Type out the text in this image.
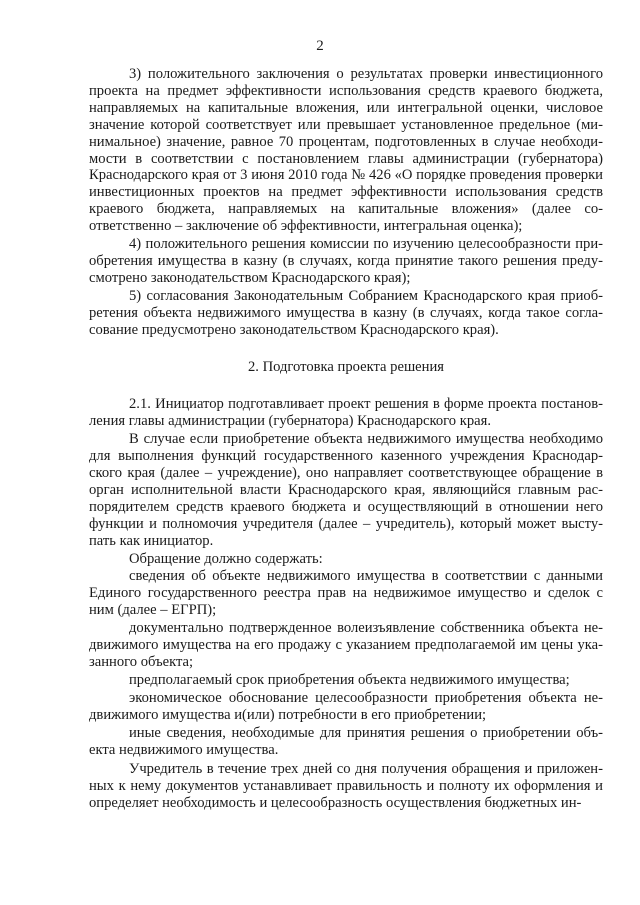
2

3) положительного заключения о результатах проверки инвестиционного проекта на предмет эффективности использования средств краевого бюджета, направляемых на капитальные вложения, или интегральной оценки, числовое значение которой соответствует или превышает установленное предельное (минимальное) значение, равное 70 процентам, подготовленных в случае необходимости в соответствии с постановлением главы администрации (губернатора) Краснодарского края от 3 июня 2010 года № 426 «О порядке проведения проверки инвестиционных проектов на предмет эффективности использования средств краевого бюджета, направляемых на капитальные вложения» (далее соответственно – заключение об эффективности, интегральная оценка);

4) положительного решения комиссии по изучению целесообразности приобретения имущества в казну (в случаях, когда принятие такого решения предусмотрено законодательством Краснодарского края);

5) согласования Законодательным Собранием Краснодарского края приобретения объекта недвижимого имущества в казну (в случаях, когда такое согласование предусмотрено законодательством Краснодарского края).

2. Подготовка проекта решения

2.1. Инициатор подготавливает проект решения в форме проекта постановления главы администрации (губернатора) Краснодарского края.

В случае если приобретение объекта недвижимого имущества необходимо для выполнения функций государственного казенного учреждения Краснодарского края (далее – учреждение), оно направляет соответствующее обращение в орган исполнительной власти Краснодарского края, являющийся главным распорядителем средств краевого бюджета и осуществляющий в отношении него функции и полномочия учредителя (далее – учредитель), который может выступать как инициатор.

Обращение должно содержать:

сведения об объекте недвижимого имущества в соответствии с данными Единого государственного реестра прав на недвижимое имущество и сделок с ним (далее – ЕГРП);

документально подтвержденное волеизъявление собственника объекта недвижимого имущества на его продажу с указанием предполагаемой им цены указанного объекта;

предполагаемый срок приобретения объекта недвижимого имущества;

экономическое обоснование целесообразности приобретения объекта недвижимого имущества и(или) потребности в его приобретении;

иные сведения, необходимые для принятия решения о приобретении объекта недвижимого имущества.

Учредитель в течение трех дней со дня получения обращения и приложенных к нему документов устанавливает правильность и полноту их оформления и определяет необходимость и целесообразность осуществления бюджетных ин-
